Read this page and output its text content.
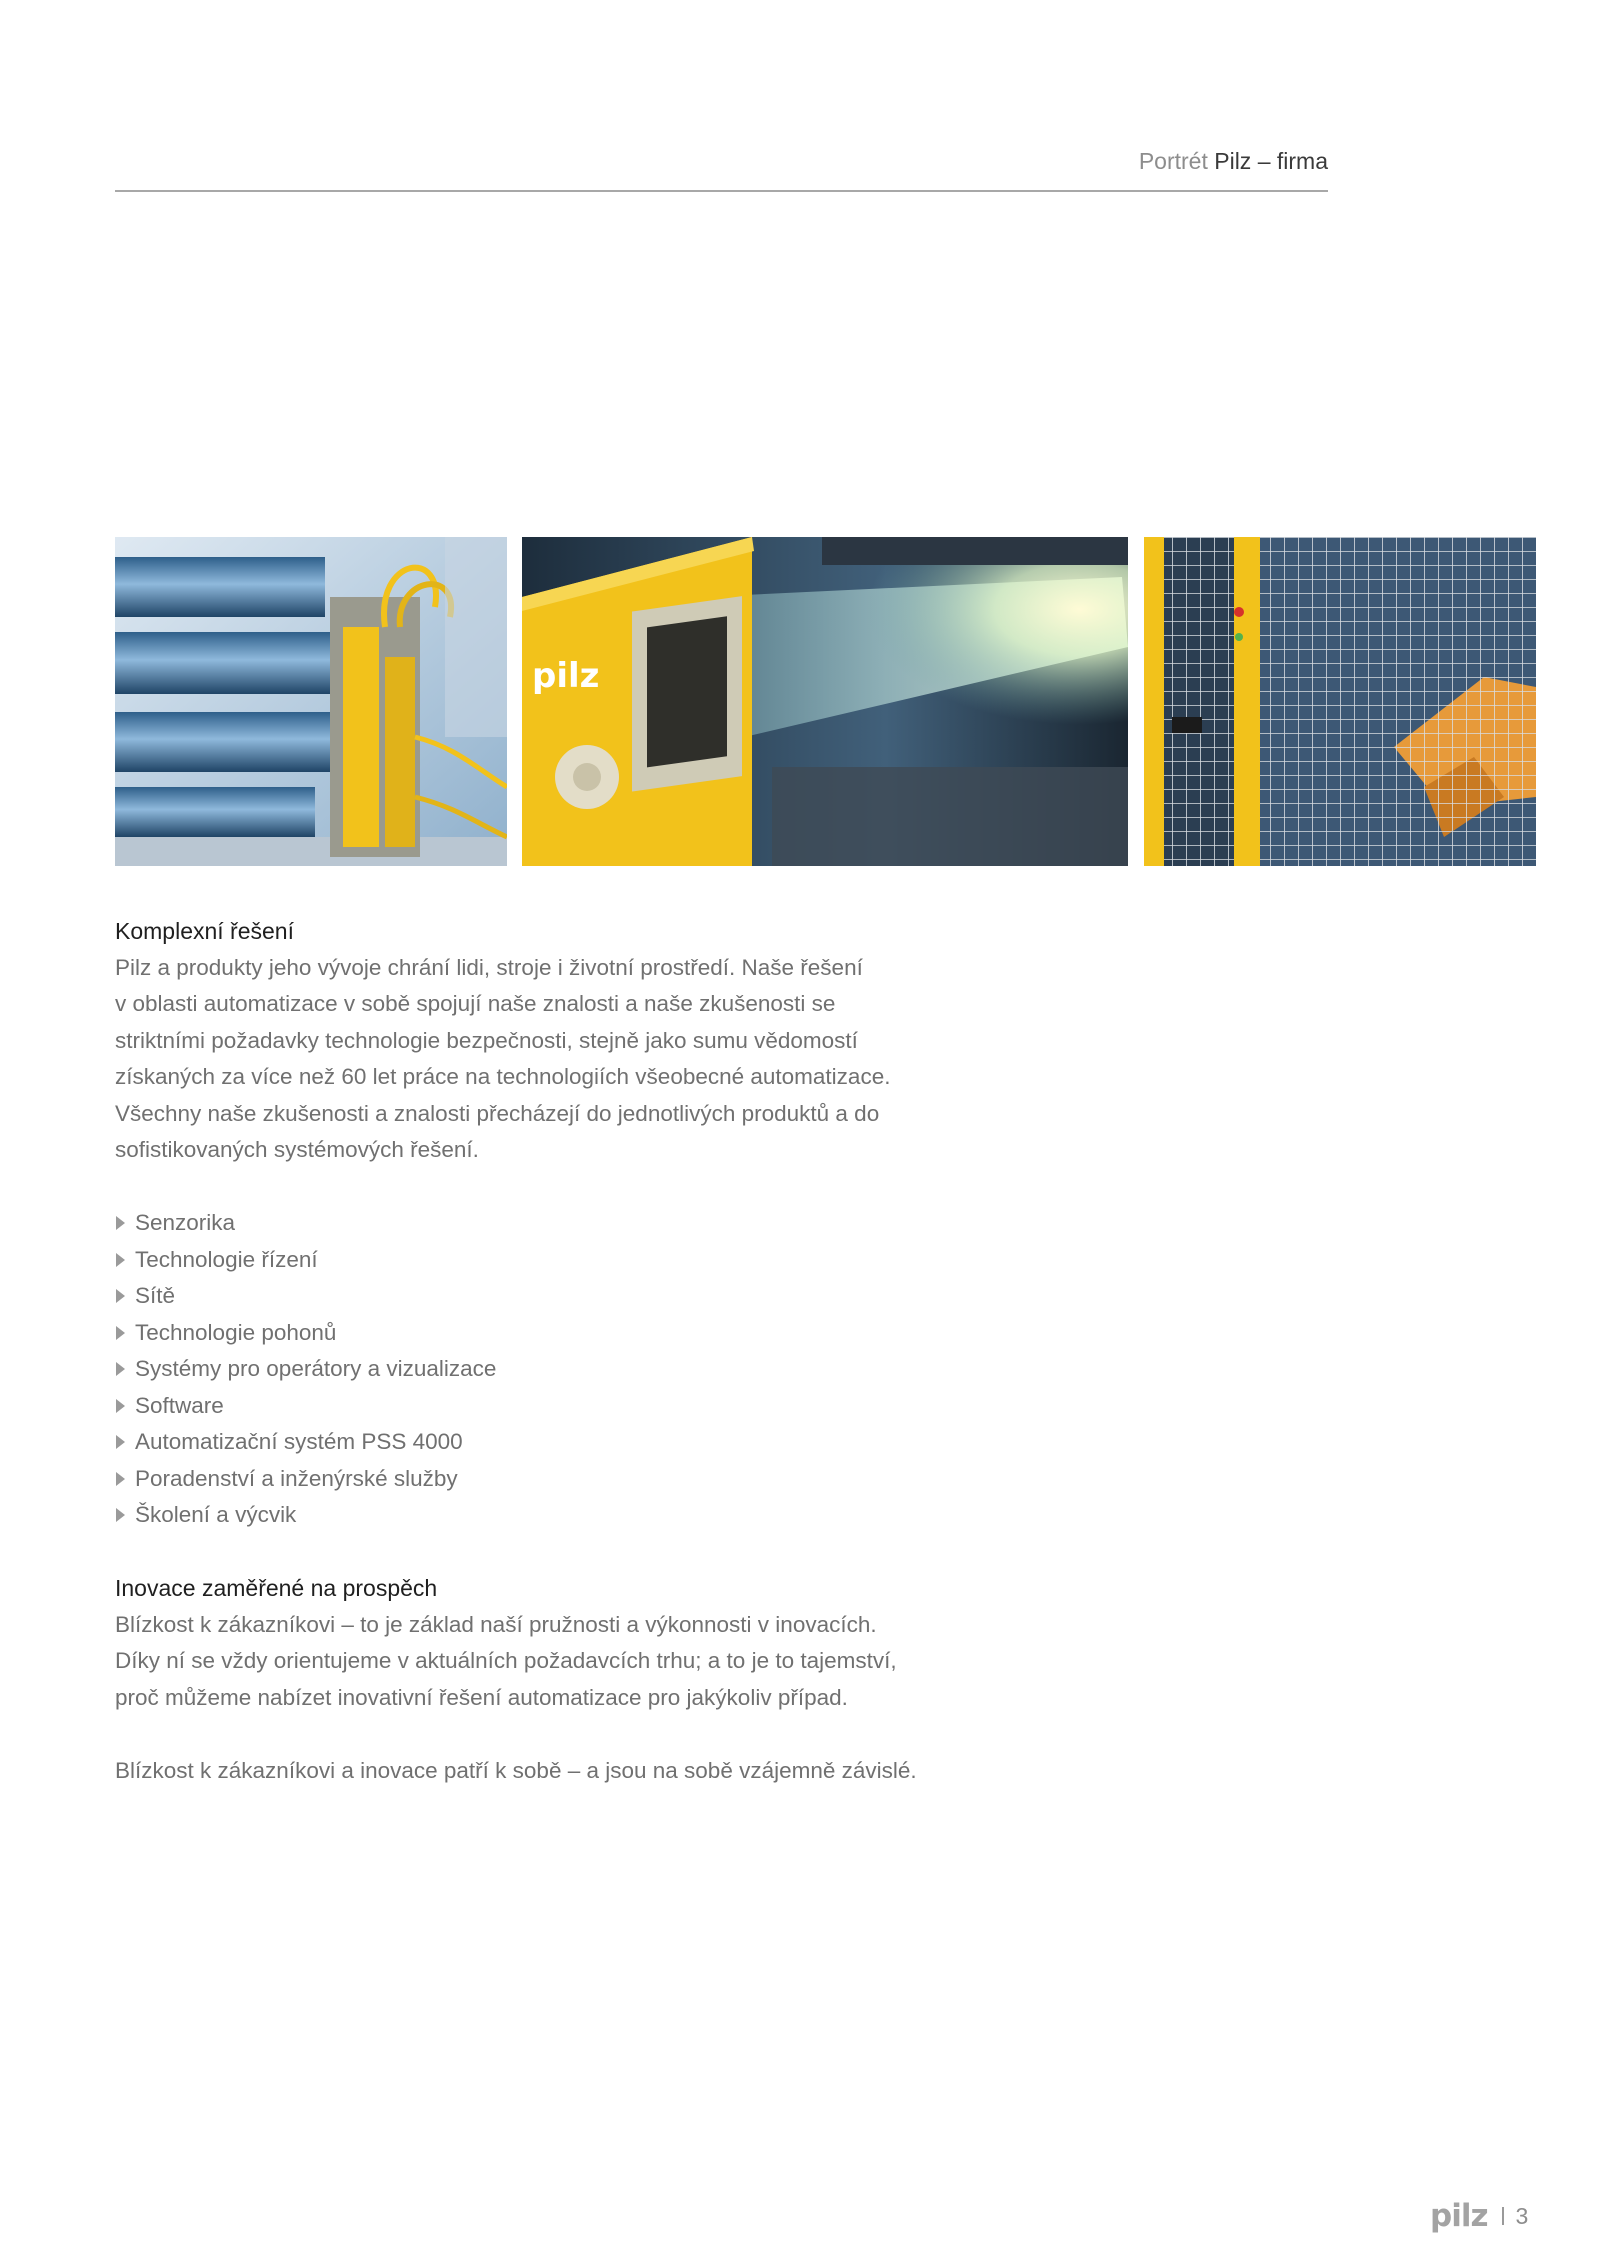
Portrét Pilz – firma
pilz
Komplexní řešení

Pilz a produkty jeho vývoje chrání lidi, stroje i životní prostředí. Naše řešení

v oblasti automatizace v sobě spojují naše znalosti a naše zkušenosti se

striktními požadavky technologie bezpečnosti, stejně jako sumu vědomostí

získaných za více než 60 let práce na technologiích všeobecné automatizace.

Všechny naše zkušenosti a znalosti přecházejí do jednotlivých produktů a do

sofistikovaných systémových řešení.

Senzorika
Technologie řízení
Sítě
Technologie pohonů
Systémy pro operátory a vizualizace
Software
Automatizační systém PSS 4000
Poradenství a inženýrské služby
Školení a výcvik
Inovace zaměřené na prospěch

Blízkost k zákazníkovi – to je základ naší pružnosti a výkonnosti v inovacích.

Díky ní se vždy orientujeme v aktuálních požadavcích trhu; a to je to tajemství,

proč můžeme nabízet inovativní řešení automatizace pro jakýkoliv případ.

Blízkost k zákazníkovi a inovace patří k sobě – a jsou na sobě vzájemně závislé.

pilz 3
